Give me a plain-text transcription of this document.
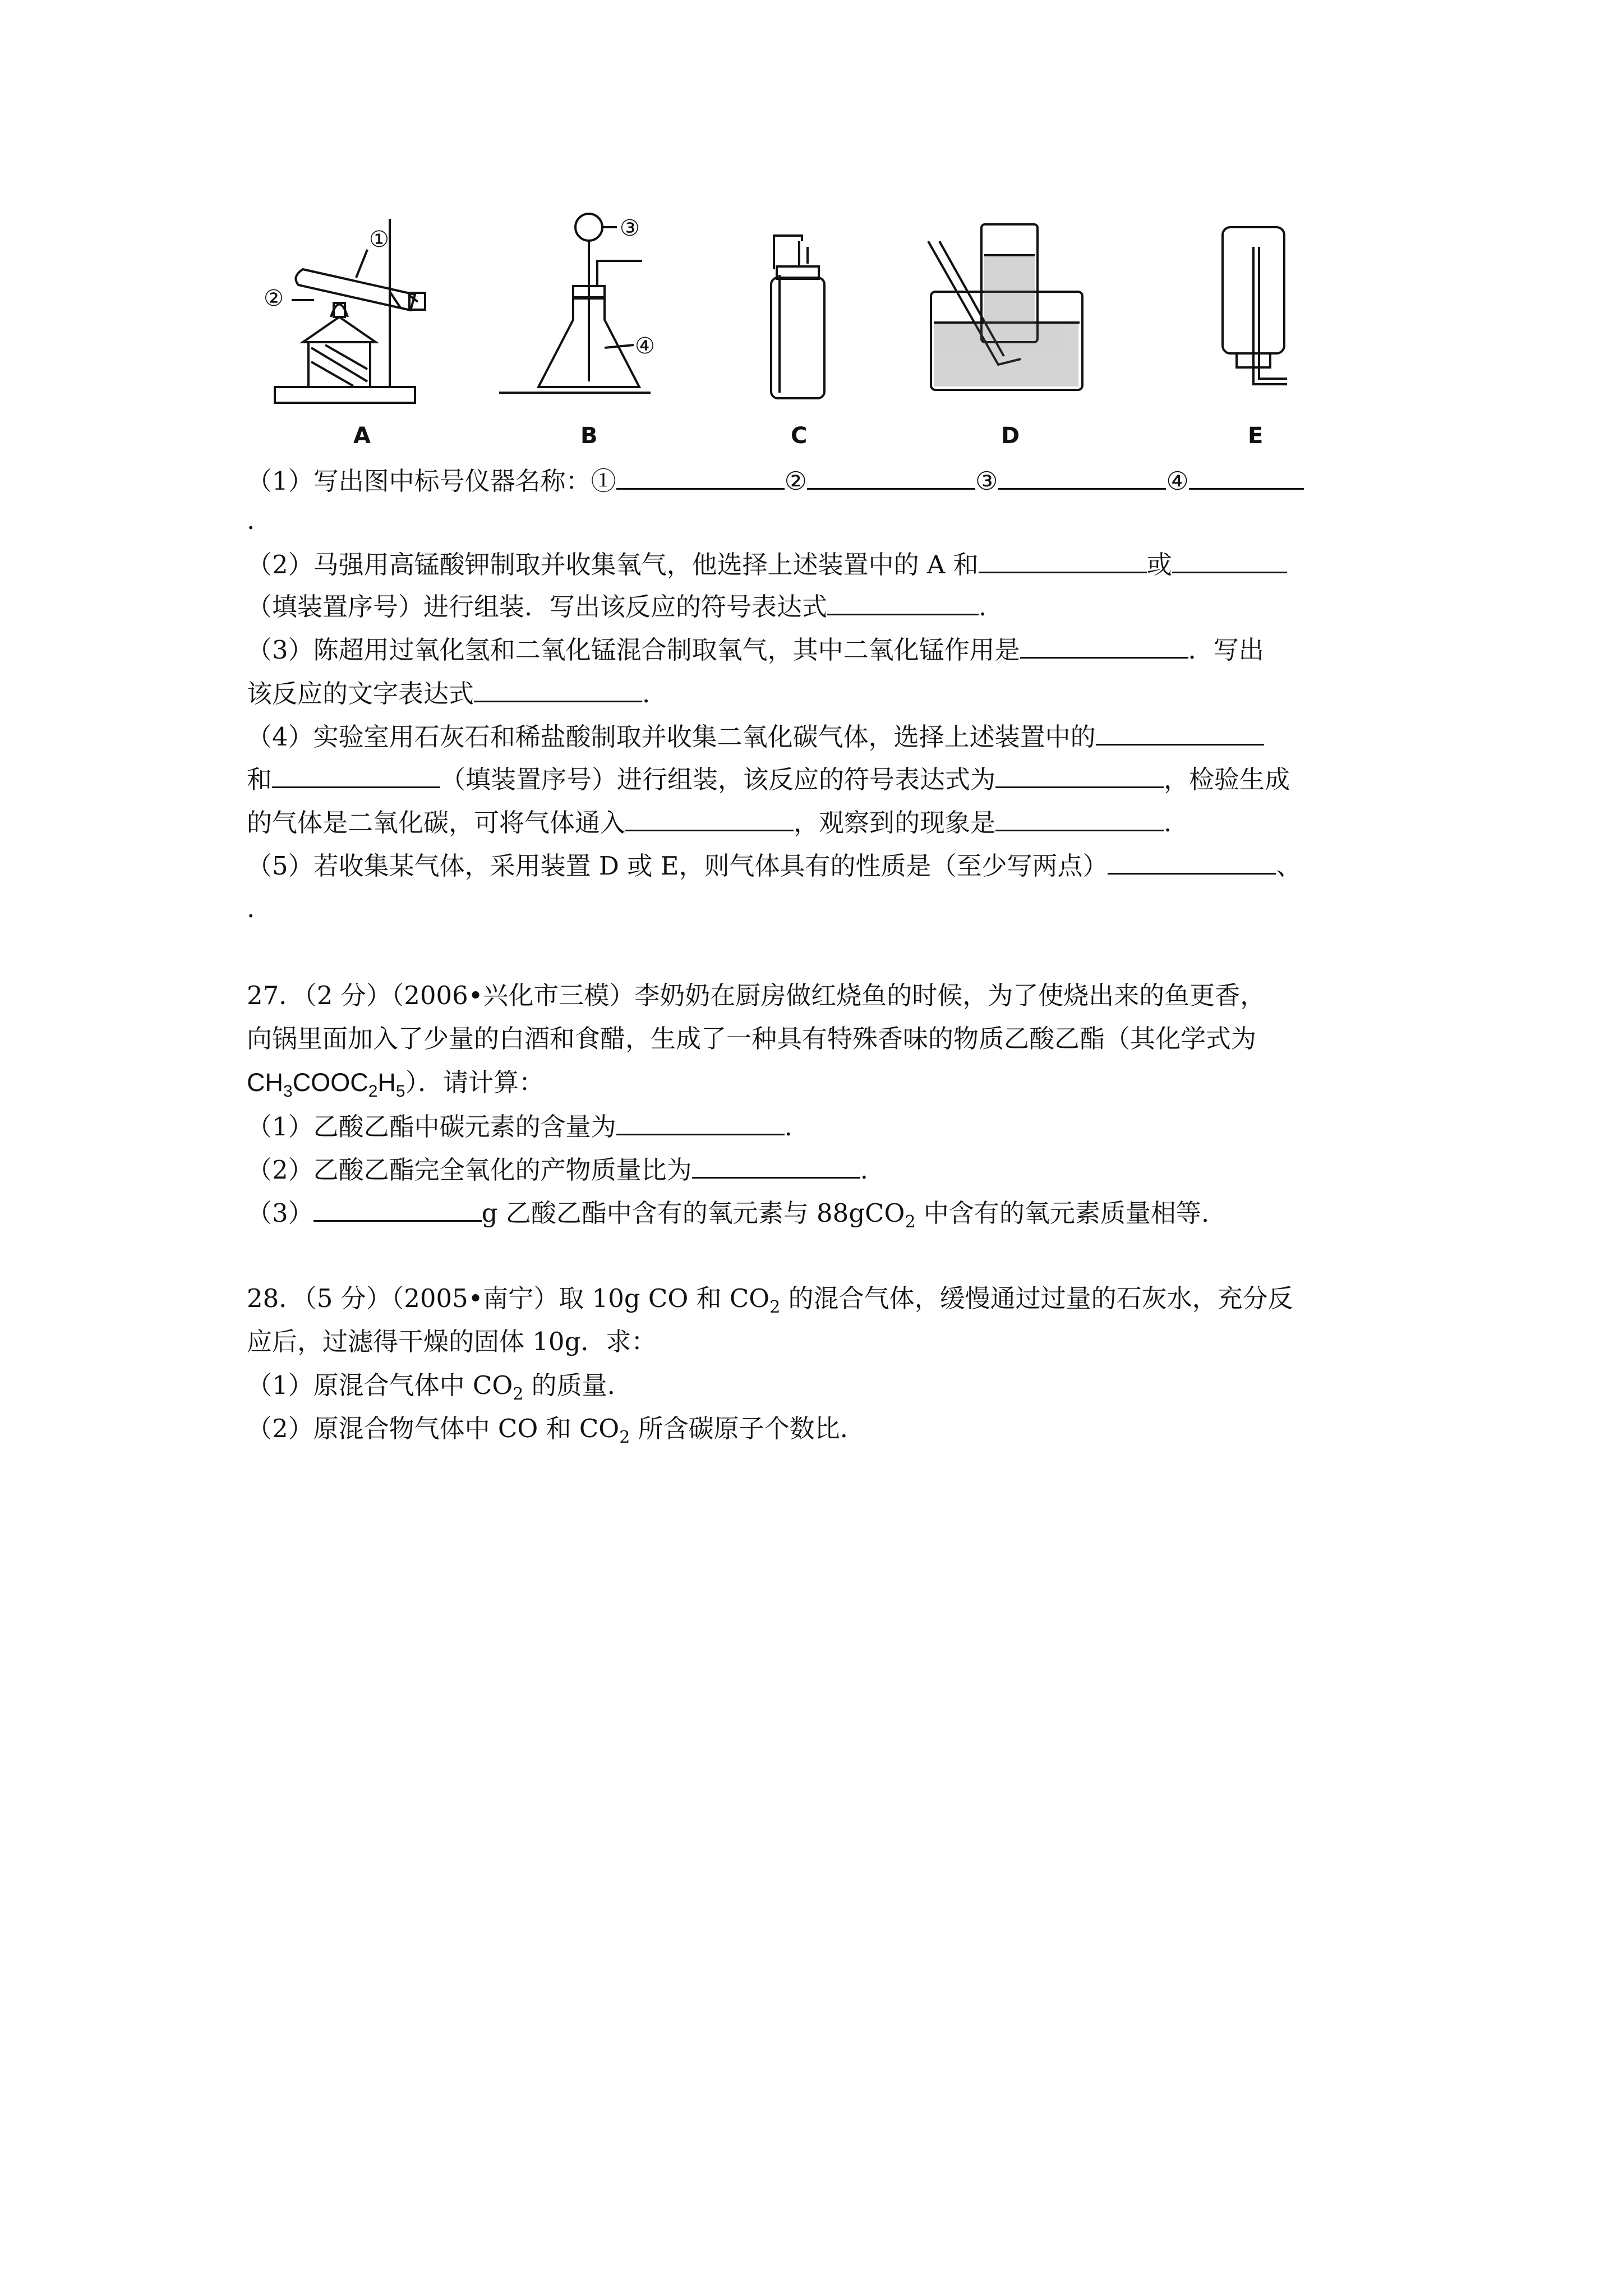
①
②
③
④
A	B	C	D	E
（1）写出图中标号仪器名称：①	②	③	④
.
（2）马强用高锰酸钾制取并收集氧气，他选择上述装置中的 A 和	或
（填装置序号）进行组装．写出该反应的符号表达式	.
（3）陈超用过氧化氢和二氧化锰混合制取氧气，其中二氧化锰作用是	．写出
该反应的文字表达式	.
（4）实验室用石灰石和稀盐酸制取并收集二氧化碳气体，选择上述装置中的
和	（填装置序号）进行组装，该反应的符号表达式为	，检验生成
的气体是二氧化碳，可将气体通入	，观察到的现象是	.
（5）若收集某气体，采用装置 D 或 E，则气体具有的性质是（至少写两点）	、
.
27．（2 分）（2006•兴化市三模）李奶奶在厨房做红烧鱼的时候，为了使烧出来的鱼更香，
向锅里面加入了少量的白酒和食醋，生成了一种具有特殊香味的物质乙酸乙酯（其化学式为
$CH_3COOC_2H_5$）．请计算：
（1）乙酸乙酯中碳元素的含量为	.
（2）乙酸乙酯完全氧化的产物质量比为	.
（3）	g 乙酸乙酯中含有的氧元素与 88gCO$_2$ 中含有的氧元素质量相等.
28．（5 分）（2005•南宁）取 10g CO 和 $CO_2$ 的混合气体，缓慢通过过量的石灰水，充分反
应后，过滤得干燥的固体 10g．求：
（1）原混合气体中 $CO_2$ 的质量.
（2）原混合物气体中 CO 和 $CO_2$ 所含碳原子个数比.
